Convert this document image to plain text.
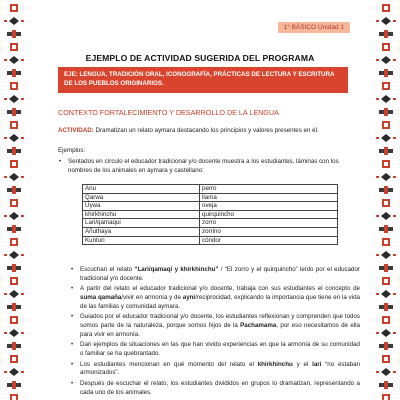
1° BÁSICO Unidad 1
EJEMPLO DE ACTIVIDAD SUGERIDA DEL PROGRAMA
EJE: LENGUA, TRADICIÓN ORAL, ICONOGRAFÍA, PRÁCTICAS DE LECTURA Y ESCRITURA DE LOS PUEBLOS ORIGINARIOS.
CONTEXTO FORTALECIMIENTO Y DESARROLLO DE LA LENGUA
ACTIVIDAD: Dramatizan un relato aymara destacando los principios y valores presentes en él.
Ejemplos:
• Sentados en círculo el educador tradicional y/o docente muestra a los estudiantes, láminas con los nombres de los animales en aymara y castellano:
Anu	perro
Qarwa	llama
Uywa	oveja
khirkhinchu	quirquincho
Lari/qamaqui	zorro
Añuthaya	zorrino
Kunturi	cóndor
• Escuchan el relato “Lari/qamaqi y khirkhinchu” / “El zorro y el quirquincho” leído por el educador tradicional y/o docente.
• A partir del relato el educador tradicional y/o docente, trabaja con sus estudiantes el concepto de suma qamaña/vivir en armonía y de ayni/reciprocidad, explicando la importancia que tiene en la vida de las familias y comunidad aymara.
• Guiados por el educador tradicional y/o docente, los estudiantes reflexionan y comprenden que todos somos parte de la naturaleza, porque somos hijos de la Pachamama, por eso necesitamos de ella para vivir en armonía.
• Dan ejemplos de situaciones en las que han vivido experiencias en que la armonía de su comunidad o familiar se ha quebrantado.
• Los estudiantes mencionan en qué momento del relato el khirkhinchu y el lari “no estaban armonizados”.
• Después de escuchar el relato, los estudiantes divididos en grupos lo dramatizan, representando a cada uno de los animales.
